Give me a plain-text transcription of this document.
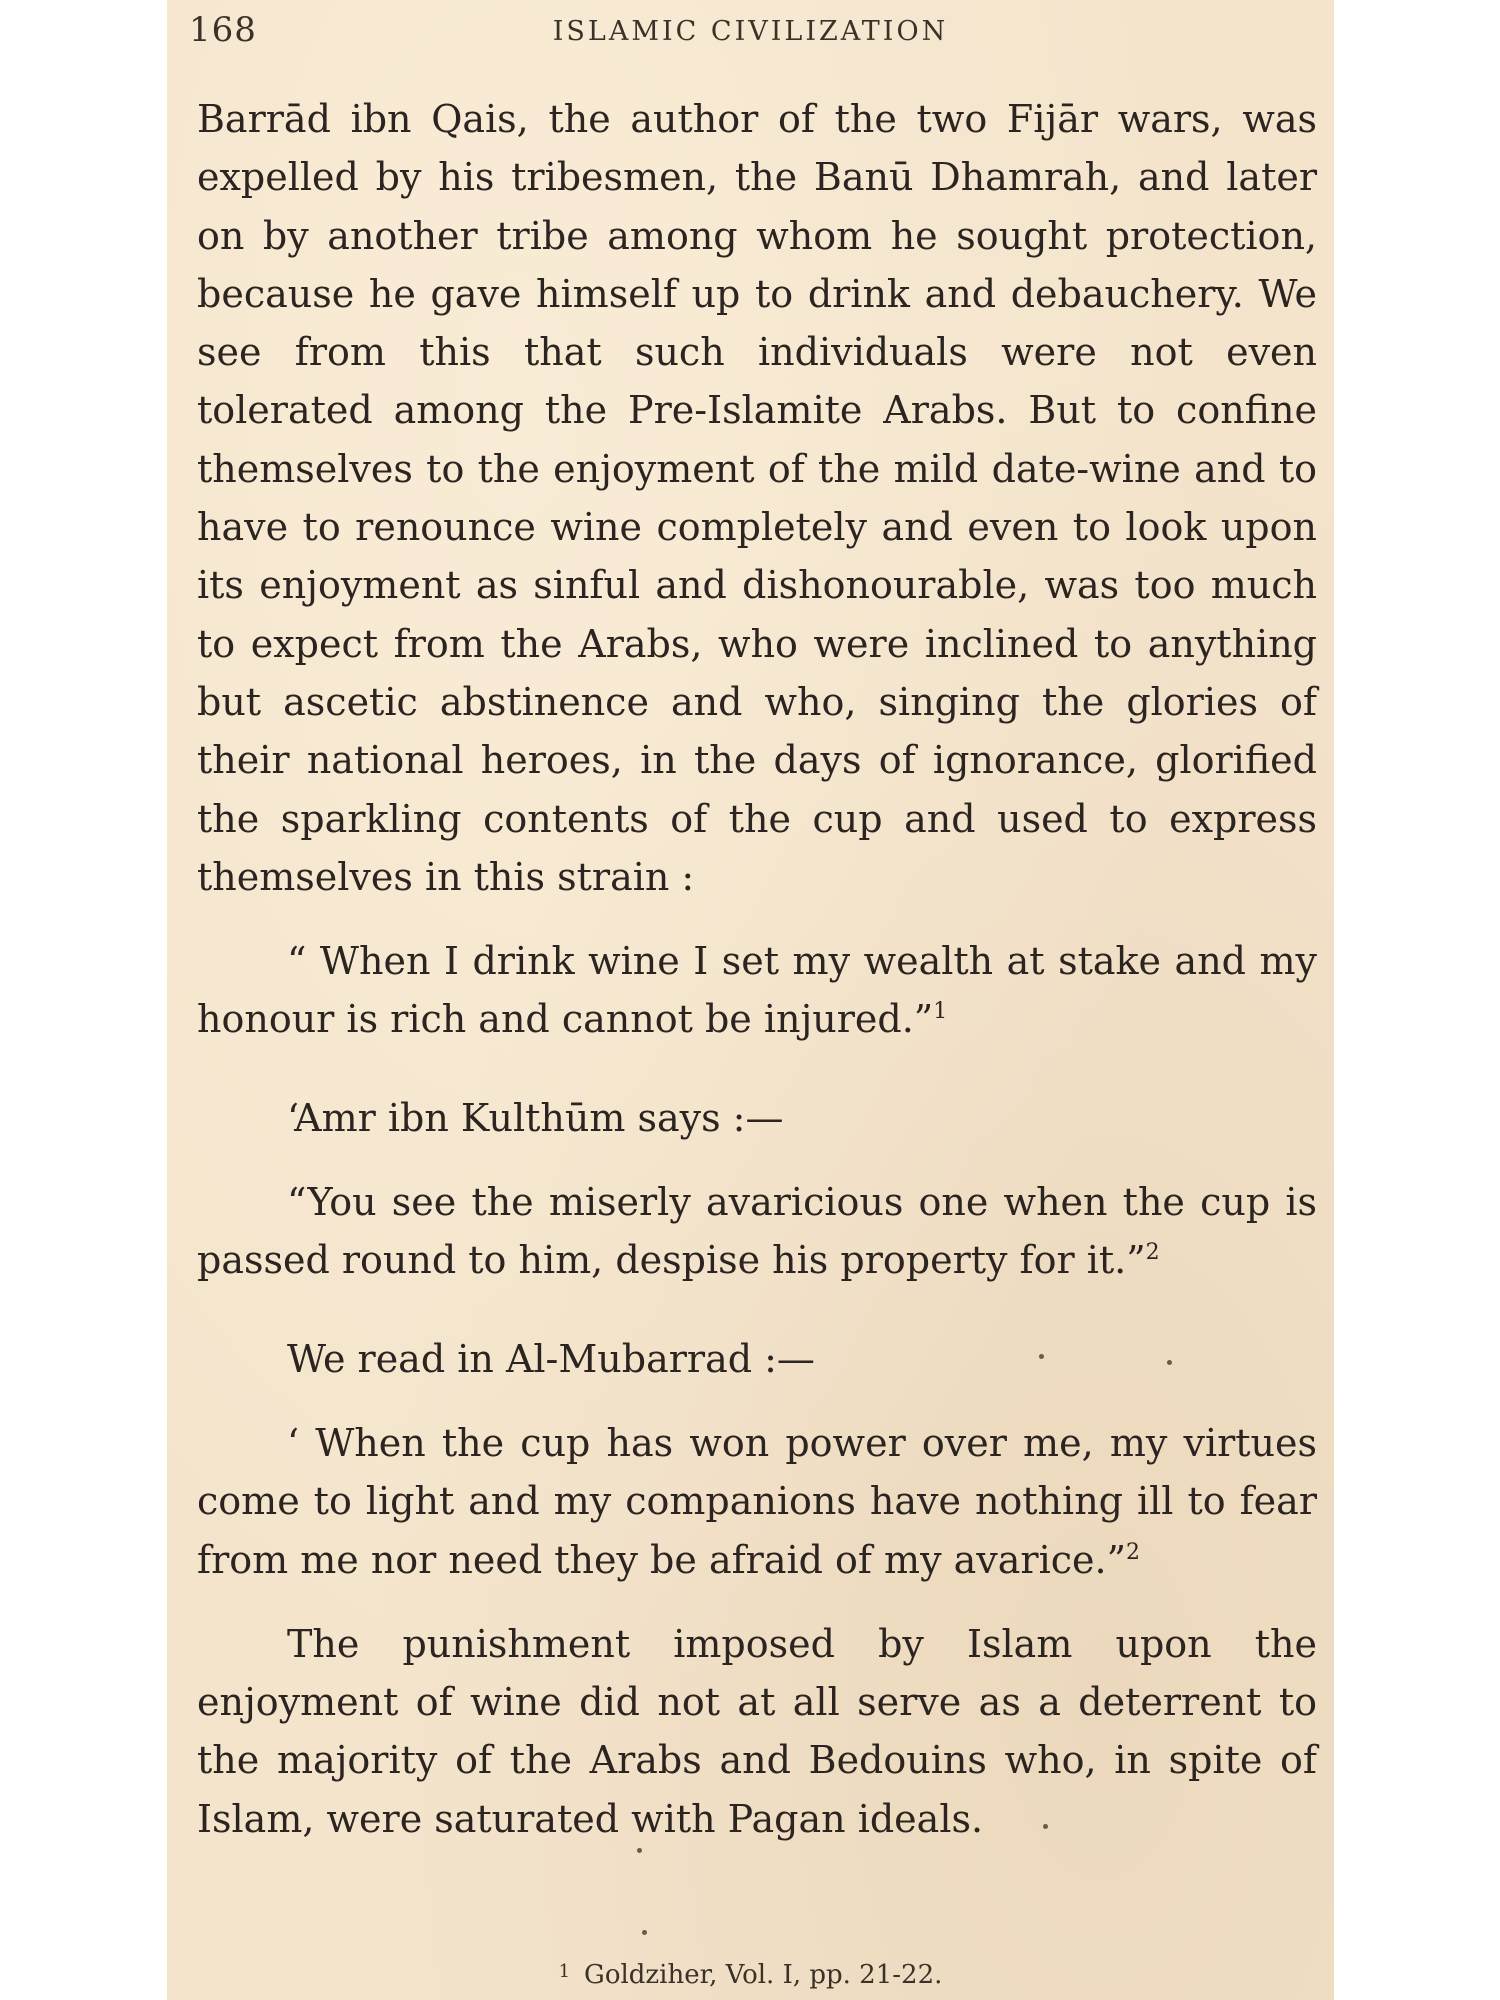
168	ISLAMIC CIVILIZATION

Barrād ibn Qais, the author of the two Fijār wars, was expelled by his tribesmen, the Banū Dhamrah, and later on by another tribe among whom he sought protection, because he gave himself up to drink and debauchery. We see from this that such individuals were not even tolerated among the Pre-Islamite Arabs. But to confine themselves to the enjoyment of the mild date-wine and to have to renounce wine completely and even to look upon its enjoyment as sinful and dishonourable, was too much to expect from the Arabs, who were inclined to anything but ascetic abstinence and who, singing the glories of their national heroes, in the days of ignorance, glorified the sparkling contents of the cup and used to express themselves in this strain :

“ When I drink wine I set my wealth at stake and my honour is rich and cannot be injured.”$^1$

‘Amr ibn Kulthūm says :—

“You see the miserly avaricious one when the cup is passed round to him, despise his property for it.”$^2$

We read in Al-Mubarrad :—

‘ When the cup has won power over me, my virtues come to light and my companions have nothing ill to fear from me nor need they be afraid of my avarice.”$^2$

The punishment imposed by Islam upon the enjoyment of wine did not at all serve as a deterrent to the majority of the Arabs and Bedouins who, in spite of Islam, were saturated with Pagan ideals.

$^1$ Goldziher, Vol. I, pp. 21-22.
